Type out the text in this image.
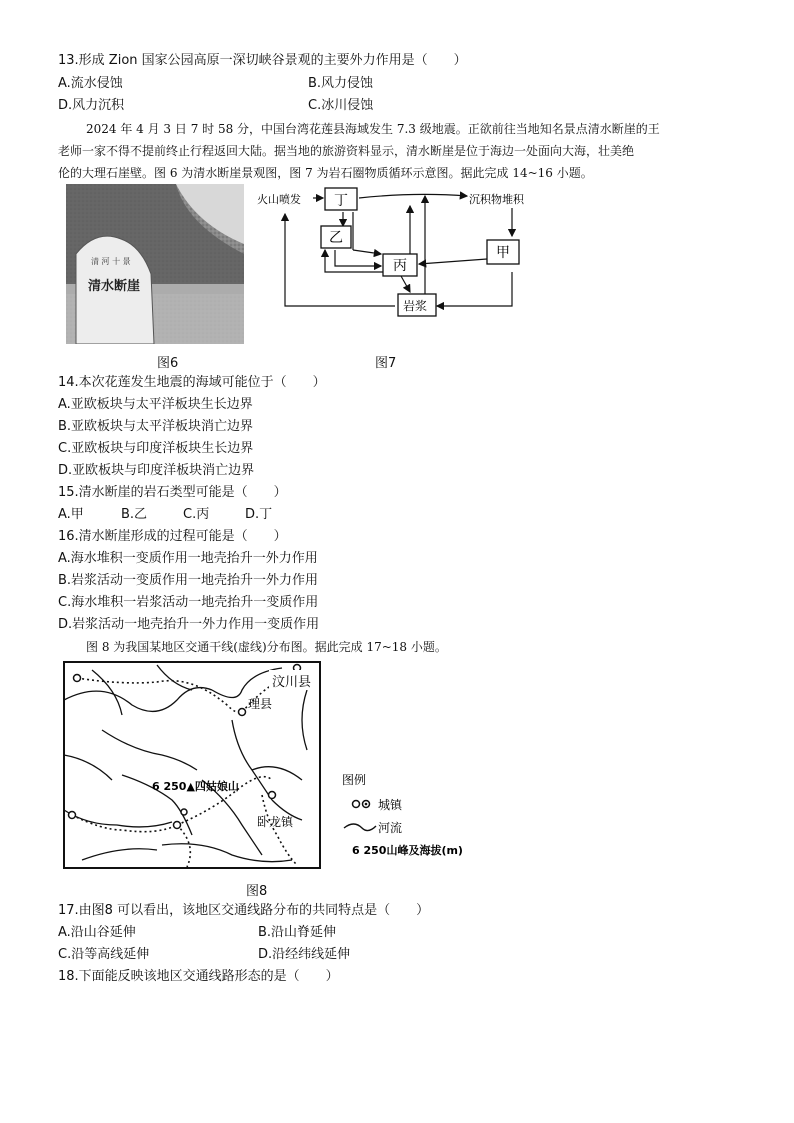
13.形成 Zion 国家公园高原一深切峡谷景观的主要外力作用是（　　）
A.流水侵蚀	B.风力侵蚀
D.风力沉积	C.冰川侵蚀
2024 年 4 月 3 日 7 时 58 分，中国台湾花莲县海域发生 7.3 级地震。正欲前往当地知名景点清水断崖的王
老师一家不得不提前终止行程返回大陆。据当地的旅游资料显示，清水断崖是位于海边一处面向大海，壮美绝
伦的大理石崖壁。图 6 为清水断崖景观图，图 7 为岩石圈物质循环示意图。据此完成 14~16 小题。
清 河 十 景
清水断崖
图6
火山喷发	沉积物堆积
丁
乙
丙
甲
岩浆
图7
14.本次花莲发生地震的海域可能位于（　　）
A.亚欧板块与太平洋板块生长边界
B.亚欧板块与太平洋板块消亡边界
C.亚欧板块与印度洋板块生长边界
D.亚欧板块与印度洋板块消亡边界
15.清水断崖的岩石类型可能是（　　）
A.甲	B.乙	C.丙	D.丁
16.清水断崖形成的过程可能是（　　）
A.海水堆积一变质作用一地壳抬升一外力作用
B.岩浆活动一变质作用一地壳抬升一外力作用
C.海水堆积一岩浆活动一地壳抬升一变质作用
D.岩浆活动一地壳抬升一外力作用一变质作用
图 8 为我国某地区交通干线(虚线)分布图。据此完成 17~18 小题。
汶川县
理县
6 250▲四姑娘山
卧龙镇
图例
城镇
河流
6 250山峰及海拔(m)
图8
17.由图8 可以看出，该地区交通线路分布的共同特点是（　　）
A.沿山谷延伸	B.沿山脊延伸
C.沿等高线延伸	D.沿经纬线延伸
18.下面能反映该地区交通线路形态的是（　　）
